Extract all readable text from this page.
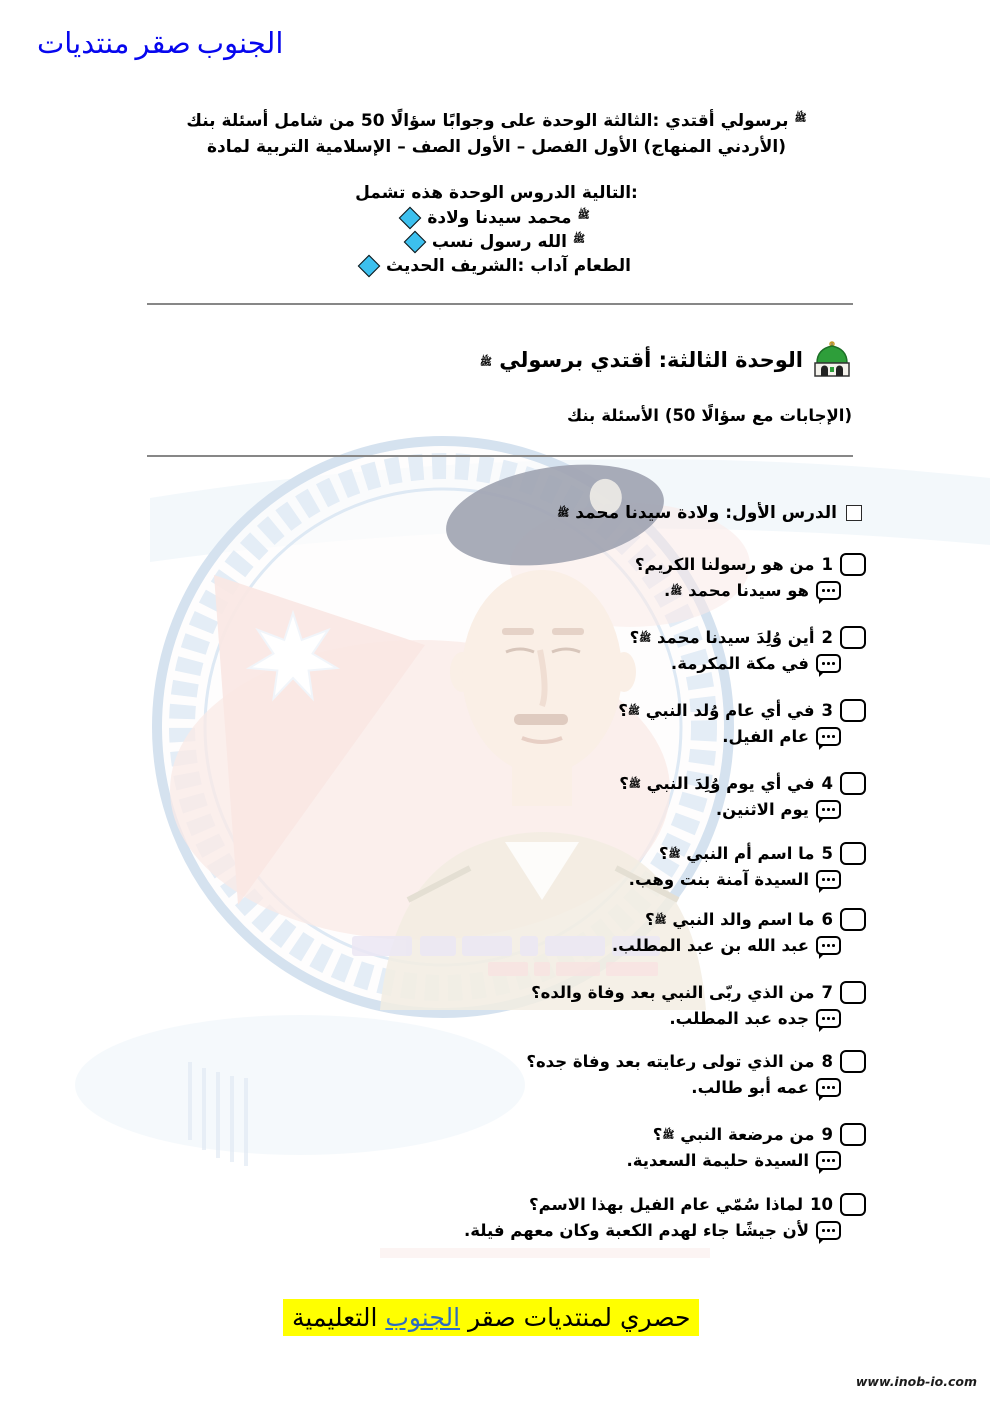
منتديات صقر الجنوب
بنك أسئلة شامل من 50 سؤالًا وجوابًا على الوحدة الثالثة: أقتدي برسولي ﷺ
لمادة التربية الإسلامية – الصف الأول – الفصل الأول (المنهاج الأردني)
تشمل هذه الوحدة الدروس التالية:
ولادة سيدنا محمد ﷺ
نسب رسول الله ﷺ
الحديث الشريف: آداب الطعام
الوحدة الثالثة: أقتدي برسولي ﷺ
بنك الأسئلة (50 سؤالًا مع الإجابات)
الدرس الأول: ولادة سيدنا محمد ﷺ
1
من هو رسولنا الكريم؟
هو سيدنا محمد ﷺ.
2
أين وُلِدَ سيدنا محمد ﷺ؟
في مكة المكرمة.
3
في أي عام وُلد النبي ﷺ؟
عام الفيل.
4
في أي يوم وُلِدَ النبي ﷺ؟
يوم الاثنين.
5
ما اسم أم النبي ﷺ؟
السيدة آمنة بنت وهب.
6
ما اسم والد النبي ﷺ؟
عبد الله بن عبد المطلب.
7
من الذي ربّى النبي بعد وفاة والده؟
جده عبد المطلب.
8
من الذي تولى رعايته بعد وفاة جده؟
عمه أبو طالب.
9
من مرضعة النبي ﷺ؟
السيدة حليمة السعدية.
10
لماذا سُمّي عام الفيل بهذا الاسم؟
لأن جيشًا جاء لهدم الكعبة وكان معهم فيلة.
حصري لمنتديات صقر الجنوب التعليمية
www.inob-io.com
